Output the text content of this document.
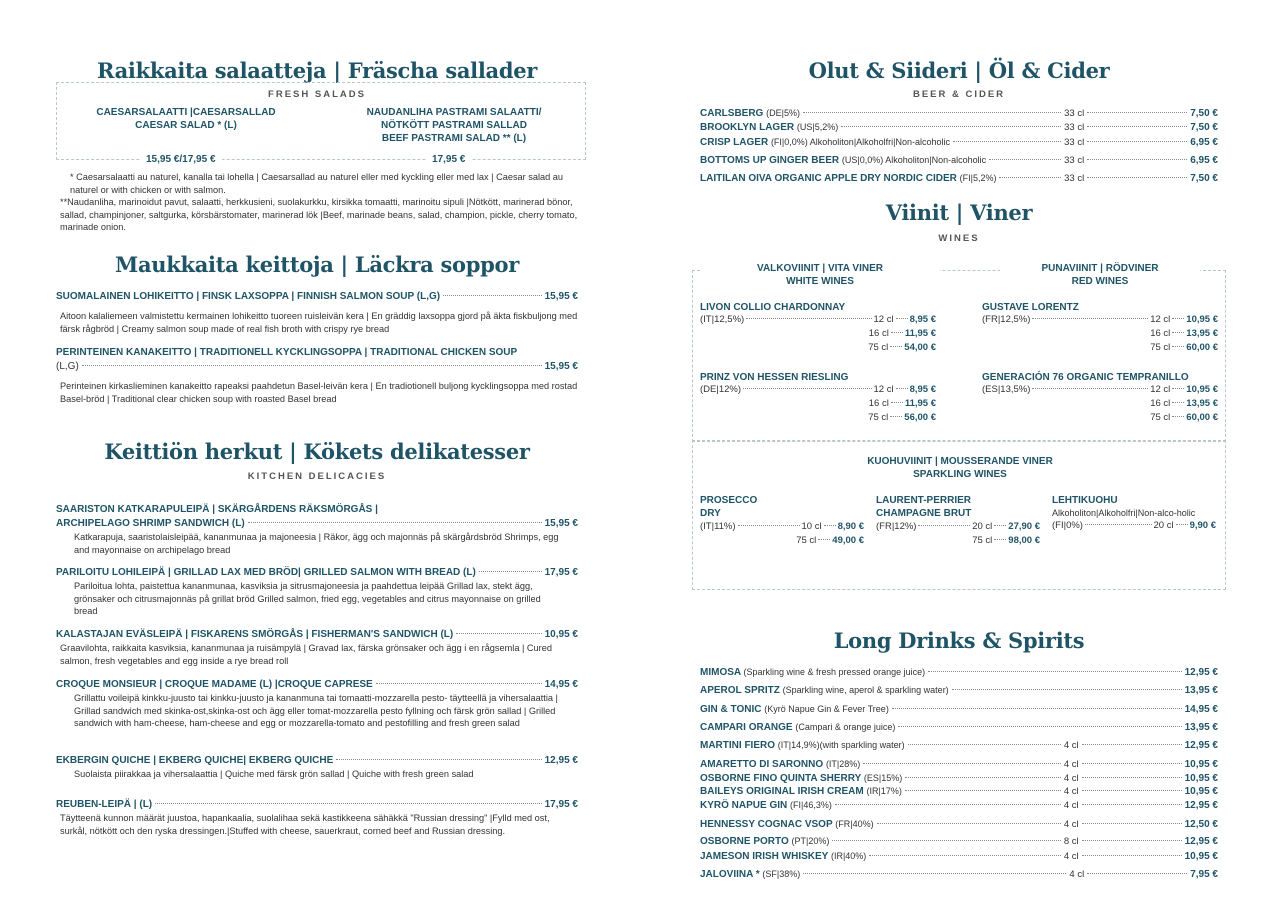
Raikkaita salaatteja | Fräscha sallader
FRESH SALADS
CAESARSALAATTI |CAESARSALLAD
CAESAR SALAD * (L)
NAUDANLIHA PASTRAMI SALAATTI/
NÖTKÖTT PASTRAMI SALLAD
BEEF PASTRAMI SALAD ** (L)
15,95 €/17,95 €	17,95 €
* Caesarsalaatti au naturel, kanalla tai lohella | Caesarsallad au naturel eller med kyckling eller med lax | Caesar salad au naturel or with chicken or with salmon.
**Naudanliha, marinoidut pavut, salaatti, herkkusieni, suolakurkku, kirsikka tomaatti, marinoitu sipuli |Nötkött, marinerad bönor, sallad, champinjoner, saltgurka, körsbärstomater, marinerad lök |Beef, marinade beans, salad, champion, pickle, cherry tomato, marinade onion.
Maukkaita keittoja | Läckra soppor
SUOMALAINEN LOHIKEITTO | FINSK LAXSOPPA | FINNISH SALMON SOUP (L,G)	15,95 €
Aitoon kalaliemeen valmistettu kermainen lohikeitto tuoreen ruisleivän kera | En gräddig laxsoppa gjord på äkta fiskbuljong med färsk rågbröd | Creamy salmon soup made of real fish broth with crispy rye bread
PERINTEINEN KANAKEITTO | TRADITIONELL KYCKLINGSOPPA | TRADITIONAL CHICKEN SOUP
(L,G)	15,95 €
Perinteinen kirkaslieminen kanakeitto rapeaksi paahdetun Basel-leivän kera | En tradiotionell buljong kycklingsoppa med rostad Basel-bröd | Traditional clear chicken soup with roasted Basel bread
Keittiön herkut | Kökets delikatesser
KITCHEN DELICACIES
SAARISTON KATKARAPULEIPÄ | SKÄRGÅRDENS RÄKSMÖRGÅS |
ARCHIPELAGO SHRIMP SANDWICH (L)	15,95 €
Katkarapuja, saaristolaisleipää, kananmunaa ja majoneesia | Räkor, ägg och majonnäs på skärgårdsbröd Shrimps, egg and mayonnaise on archipelago bread
PARILOITU LOHILEIPÄ | GRILLAD LAX MED BRÖD| GRILLED SALMON WITH BREAD (L)	17,95 €
Pariloitua lohta, paistettua kananmunaa, kasviksia ja sitrusmajoneesia ja paahdettua leipää Grillad lax, stekt ägg, grönsaker och citrusmajonnäs på grillat bröd Grilled salmon, fried egg, vegetables and citrus mayonnaise on grilled bread
KALASTAJAN EVÄSLEIPÄ | FISKARENS SMÖRGÅS | FISHERMAN'S SANDWICH (L)	10,95 €
Graavilohta, raikkaita kasviksia, kananmunaa ja ruisämpylä | Gravad lax, färska grönsaker och ägg i en rågsemla | Cured salmon, fresh vegetables and egg inside a rye bread roll
CROQUE MONSIEUR | CROQUE MADAME (L) |CROQUE CAPRESE	14,95 €
Grillattu voileipä kinkku-juusto tai kinkku-juusto ja kananmuna tai tomaatti-mozzarella pesto- täytteellä ja vihersalaattia | Grillad sandwich med skinka-ost,skinka-ost och ägg eller tomat-mozzarella pesto fyllning och färsk grön sallad | Grilled sandwich with ham-cheese, ham-cheese and egg or mozzarella-tomato and pestofilling and fresh green salad
EKBERGIN QUICHE | EKBERG QUICHE| EKBERG QUICHE	12,95 €
Suolaista piirakkaa ja vihersalaattia | Quiche med färsk grön sallad | Quiche with fresh green salad
REUBEN-LEIPÄ | (L)	17,95 €
Täytteenä kunnon määrät juustoa, hapankaalia, suolalihaa sekä kastikkeena sähäkkä "Russian dressing" |Fylld med ost, surkål, nötkött och den ryska dressingen.|Stuffed with cheese, sauerkraut, corned beef and Russian dressing.
Olut & Siideri | Öl & Cider
BEER & CIDER
CARLSBERG (DE|5%)	33 cl	7,50 €
BROOKLYN LAGER (US|5,2%)	33 cl	7,50 €
CRISP LAGER (FI|0,0%) Alkoholiton|Alkoholfri|Non-alcoholic	33 cl	6,95 €
BOTTOMS UP GINGER BEER (US|0,0%) Alkoholiton|Non-alcoholic	33 cl	6,95 €
LAITILAN OIVA ORGANIC APPLE DRY NORDIC CIDER (FI|5,2%)	33 cl	7,50 €
Viinit | Viner
WINES
VALKOVIINIT | VITA VINER
WHITE WINES
PUNAVIINIT | RÖDVINER
RED WINES
LIVON COLLIO CHARDONNAY
(IT|12,5%)	12 cl 8,95 €
16 cl 11,95 €
75 cl 54,00 €
PRINZ VON HESSEN RIESLING
(DE|12%)	12 cl 8,95 €
16 cl 11,95 €
75 cl 56,00 €
GUSTAVE LORENTZ
(FR|12,5%)	12 cl 10,95 €
16 cl 13,95 €
75 cl 60,00 €
GENERACIÓN 76 ORGANIC TEMPRANILLO
(ES|13,5%)	12 cl 10,95 €
16 cl 13,95 €
75 cl 60,00 €
KUOHUVIINIT | MOUSSERANDE VINER
SPARKLING WINES
PROSECCO
DRY
(IT|11%)	10 cl 8,90 €
75 cl 49,00 €
LAURENT-PERRIER
CHAMPAGNE BRUT
(FR|12%)	20 cl 27,90 €
75 cl 98,00 €
LEHTIKUOHU
Alkoholiton|Alkoholfri|Non-alco-holic
(FI|0%)	20 cl 9,90 €
Long Drinks & Spirits
MIMOSA (Sparkling wine & fresh pressed orange juice)	12,95 €
APEROL SPRITZ (Sparkling wine, aperol & sparkling water)	13,95 €
GIN & TONIC (Kyrö Napue Gin & Fever Tree)	14,95 €
CAMPARI ORANGE (Campari & orange juice)	13,95 €
MARTINI FIERO (IT|14,9%)(with sparkling water)	4 cl	12,95 €
AMARETTO DI SARONNO (IT|28%)	4 cl	10,95 €
OSBORNE FINO QUINTA SHERRY (ES|15%)	4 cl	10,95 €
BAILEYS ORIGINAL IRISH CREAM (IR|17%)	4 cl	10,95 €
KYRÖ NAPUE GIN (FI|46,3%)	4 cl	12,95 €
HENNESSY COGNAC VSOP (FR|40%)	4 cl	12,50 €
OSBORNE PORTO (PT|20%)	8 cl	12,95 €
JAMESON IRISH WHISKEY (IR|40%)	4 cl	10,95 €
JALOVIINA * (SF|38%)	4 cl	7,95 €
